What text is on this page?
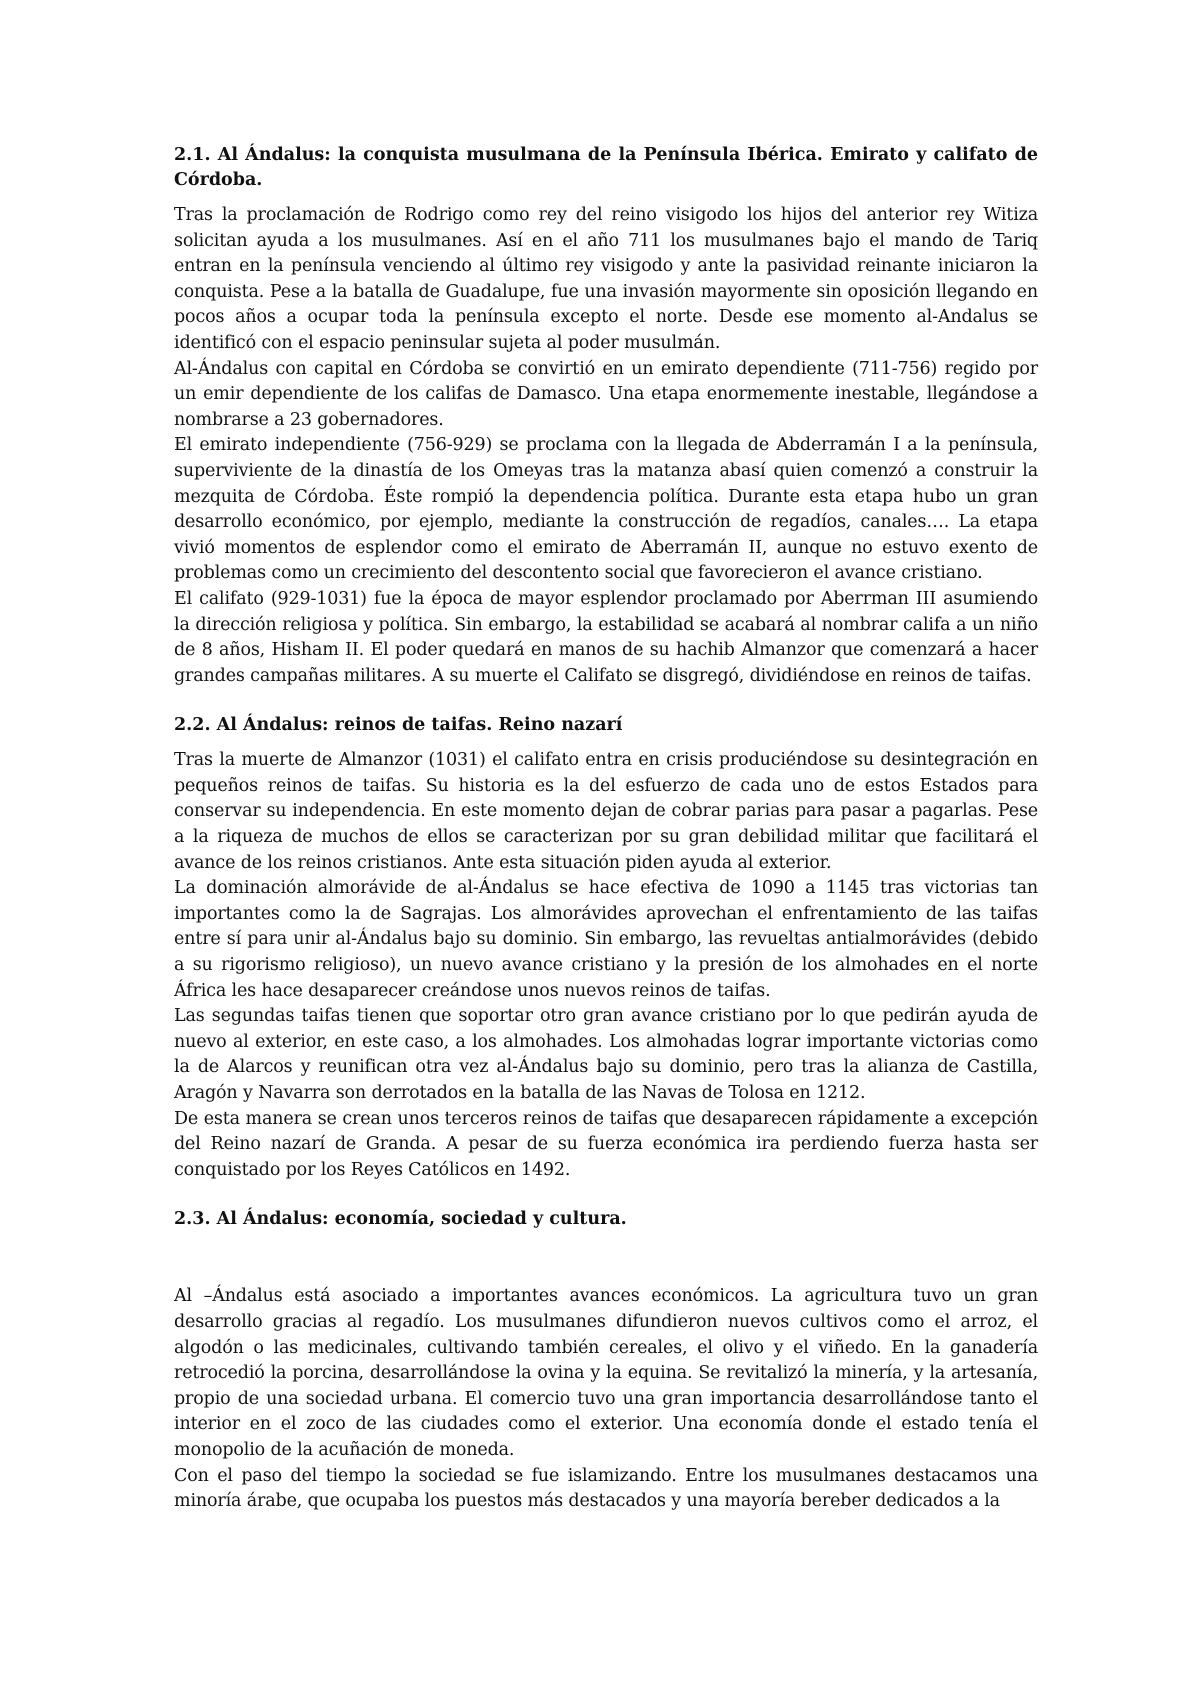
2.1. Al Ándalus: la conquista musulmana de la Península Ibérica. Emirato y califato de Córdoba.

Tras la proclamación de Rodrigo como rey del reino visigodo los hijos del anterior rey Witiza solicitan ayuda a los musulmanes. Así en el año 711 los musulmanes bajo el mando de Tariq entran en la península venciendo al último rey visigodo y ante la pasividad reinante iniciaron la conquista. Pese a la batalla de Guadalupe, fue una invasión mayormente sin oposición llegando en pocos años a ocupar toda la península excepto el norte. Desde ese momento al-Andalus se identificó con el espacio peninsular sujeta al poder musulmán.

Al-Ándalus con capital en Córdoba se convirtió en un emirato dependiente (711-756) regido por un emir dependiente de los califas de Damasco. Una etapa enormemente inestable, llegándose a nombrarse a 23 gobernadores.

El emirato independiente (756-929) se proclama con la llegada de Abderramán I a la península, superviviente de la dinastía de los Omeyas tras la matanza abasí quien comenzó a construir la mezquita de Córdoba. Éste rompió la dependencia política. Durante esta etapa hubo un gran desarrollo económico, por ejemplo, mediante la construcción de regadíos, canales…. La etapa vivió momentos de esplendor como el emirato de Aberramán II, aunque no estuvo exento de problemas como un crecimiento del descontento social que favorecieron el avance cristiano.

El califato (929-1031) fue la época de mayor esplendor proclamado por Aberrman III asumiendo la dirección religiosa y política. Sin embargo, la estabilidad se acabará al nombrar califa a un niño de 8 años, Hisham II. El poder quedará en manos de su hachib Almanzor que comenzará a hacer grandes campañas militares. A su muerte el Califato se disgregó, dividiéndose en reinos de taifas.

2.2. Al Ándalus: reinos de taifas. Reino nazarí

Tras la muerte de Almanzor (1031) el califato entra en crisis produciéndose su desintegración en pequeños reinos de taifas. Su historia es la del esfuerzo de cada uno de estos Estados para conservar su independencia. En este momento dejan de cobrar parias para pasar a pagarlas. Pese a la riqueza de muchos de ellos se caracterizan por su gran debilidad militar que facilitará el avance de los reinos cristianos. Ante esta situación piden ayuda al exterior.

La dominación almorávide de al-Ándalus se hace efectiva de 1090 a 1145 tras victorias tan importantes como la de Sagrajas. Los almorávides aprovechan el enfrentamiento de las taifas entre sí para unir al-Ándalus bajo su dominio. Sin embargo, las revueltas antialmorávides (debido a su rigorismo religioso), un nuevo avance cristiano y la presión de los almohades en el norte África les hace desaparecer creándose unos nuevos reinos de taifas.

Las segundas taifas tienen que soportar otro gran avance cristiano por lo que pedirán ayuda de nuevo al exterior, en este caso, a los almohades. Los almohadas lograr importante victorias como la de Alarcos y reunifican otra vez al-Ándalus bajo su dominio, pero tras la alianza de Castilla, Aragón y Navarra son derrotados en la batalla de las Navas de Tolosa en 1212.

De esta manera se crean unos terceros reinos de taifas que desaparecen rápidamente a excepción del Reino nazarí de Granda. A pesar de su fuerza económica ira perdiendo fuerza hasta ser conquistado por los Reyes Católicos en 1492.

2.3. Al Ándalus: economía, sociedad y cultura.

Al –Ándalus está asociado a importantes avances económicos. La agricultura tuvo un gran desarrollo gracias al regadío. Los musulmanes difundieron nuevos cultivos como el arroz, el algodón o las medicinales, cultivando también cereales, el olivo y el viñedo. En la ganadería retrocedió la porcina, desarrollándose la ovina y la equina. Se revitalizó la minería, y la artesanía, propio de una sociedad urbana. El comercio tuvo una gran importancia desarrollándose tanto el interior en el zoco de las ciudades como el exterior. Una economía donde el estado tenía el monopolio de la acuñación de moneda.

Con el paso del tiempo la sociedad se fue islamizando. Entre los musulmanes destacamos una minoría árabe, que ocupaba los puestos más destacados y una mayoría bereber dedicados a la
